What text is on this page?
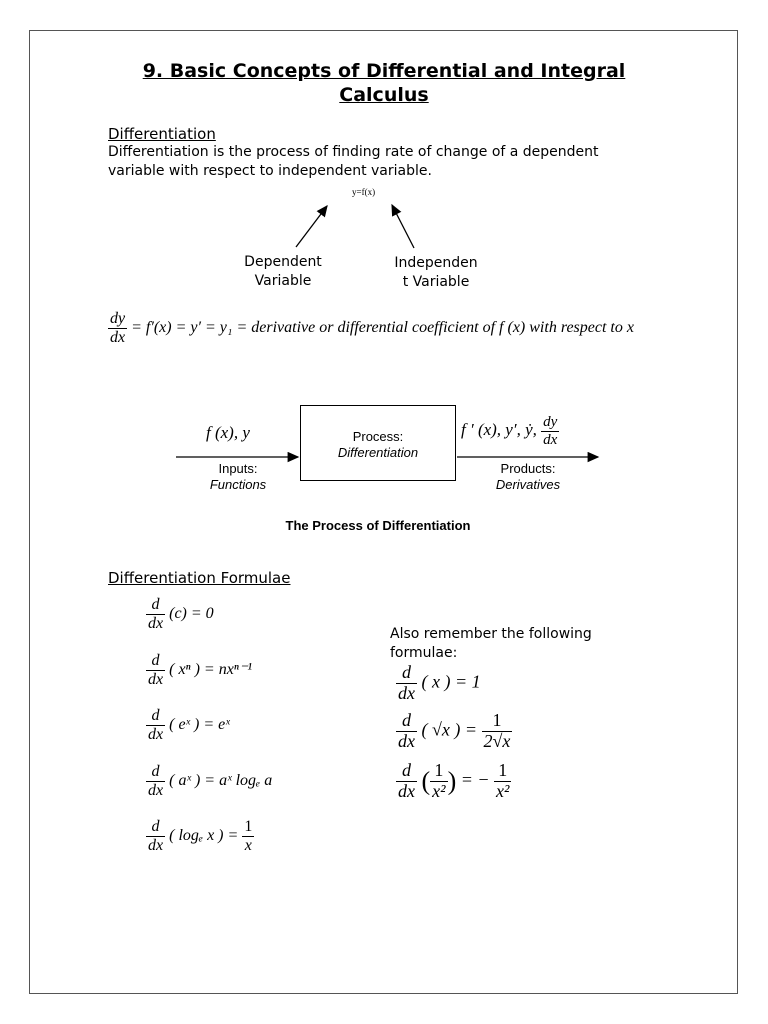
9. Basic Concepts of Differential and Integral
Calculus
Differentiation
Differentiation is the process of finding rate of change of a dependent
variable with respect to independent variable.
y=f(x)
Dependent
Variable
Independen
t Variable
$\frac{dy}{dx} = f'(x) = y' = y_1$ = derivative or differential coefficient of f (x) with respect to x
f (x), y	f ′ (x), y′, ẏ, $\frac{dy}{dx}$
Process:
Differentiation
Inputs:
Functions
Products:
Derivatives
The Process of Differentiation
Differentiation Formulae
$\frac{d}{dx} (c) = 0$
$\frac{d}{dx}$ ( xⁿ ) = nxⁿ⁻¹
$\frac{d}{dx}$ ( eˣ ) = eˣ
$\frac{d}{dx}$ ( aˣ ) = aˣ logₑ a
$\frac{d}{dx}$ ( logₑ x ) = $\frac{1}{x}$
Also remember the following
formulae:
$\frac{d}{dx}$ ( x ) = 1
$\frac{d}{dx}$ ( √x ) = $\frac{1}{2√x}$
$\frac{d}{dx}$ ( $\frac{1}{\text{x²}}$ ) = − $\frac{1}{\text{x²}}$
